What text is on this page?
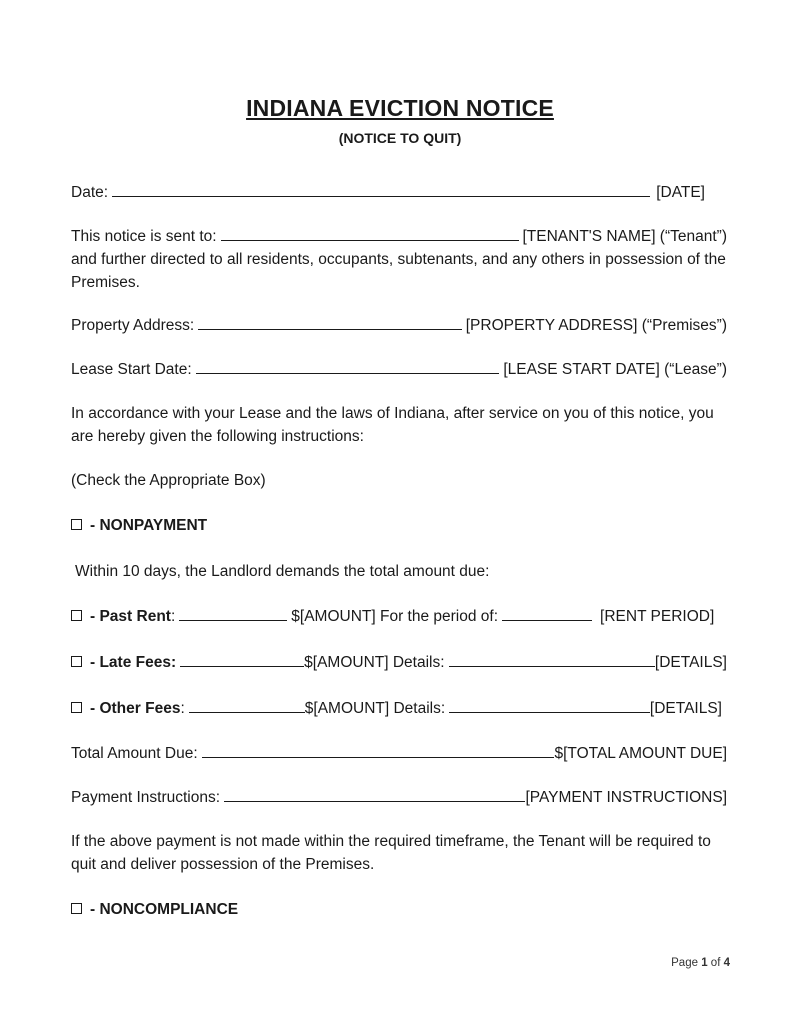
INDIANA EVICTION NOTICE
(NOTICE TO QUIT)
Date:	[DATE]
This notice is sent to:	[TENANT'S NAME] (“Tenant”)
and further directed to all residents, occupants, subtenants, and any others in possession of the Premises.
Property Address:	[PROPERTY ADDRESS] (“Premises”)
Lease Start Date:	[LEASE START DATE] (“Lease”)
In accordance with your Lease and the laws of Indiana, after service on you of this notice, you are hereby given the following instructions:
(Check the Appropriate Box)
- NONPAYMENT
Within 10 days, the Landlord demands the total amount due:
- Past Rent :	$[AMOUNT] For the period of:	[RENT PERIOD]
- Late Fees:	$[AMOUNT] Details:	[DETAILS]
- Other Fees :	$[AMOUNT] Details:	[DETAILS]
Total Amount Due:	$[TOTAL AMOUNT DUE]
Payment Instructions:	[PAYMENT INSTRUCTIONS]
If the above payment is not made within the required timeframe, the Tenant will be required to quit and deliver possession of the Premises.
- NONCOMPLIANCE
Page 1 of 4
